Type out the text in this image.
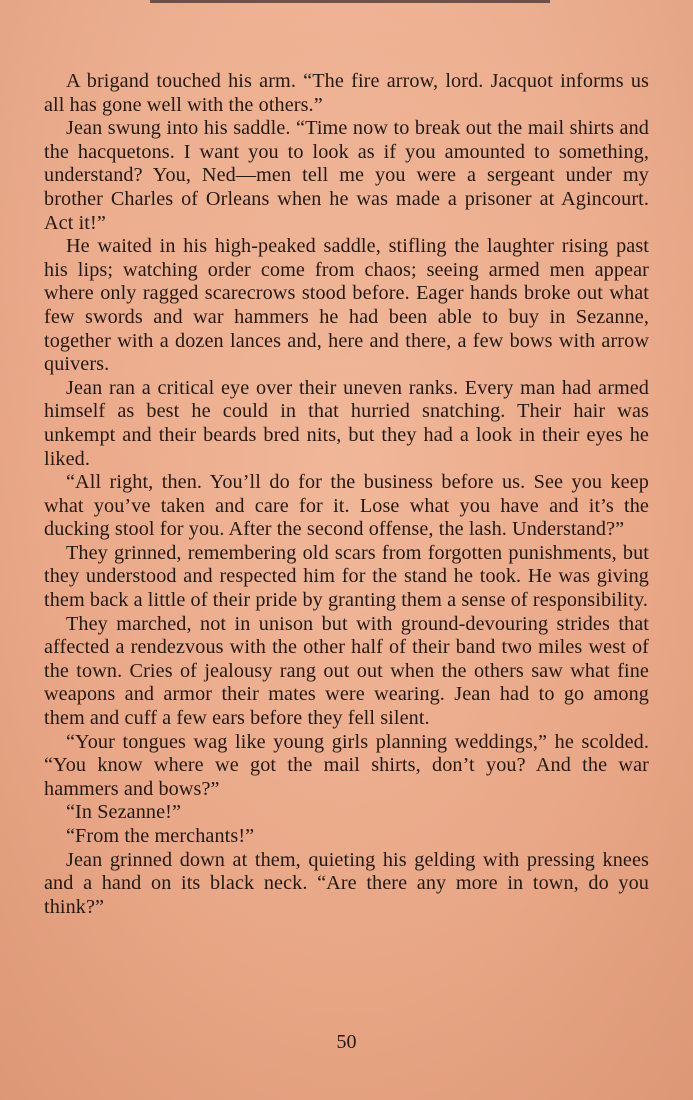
A brigand touched his arm. “The fire arrow, lord. Jacquot informs us all has gone well with the others.”

Jean swung into his saddle. “Time now to break out the mail shirts and the hacquetons. I want you to look as if you amounted to something, understand? You, Ned—men tell me you were a sergeant under my brother Charles of Orleans when he was made a prisoner at Agincourt. Act it!”

He waited in his high-peaked saddle, stifling the laughter rising past his lips; watching order come from chaos; seeing armed men appear where only ragged scarecrows stood before. Eager hands broke out what few swords and war hammers he had been able to buy in Sezanne, together with a dozen lances and, here and there, a few bows with arrow quivers.

Jean ran a critical eye over their uneven ranks. Every man had armed himself as best he could in that hurried snatching. Their hair was unkempt and their beards bred nits, but they had a look in their eyes he liked.

“All right, then. You’ll do for the business before us. See you keep what you’ve taken and care for it. Lose what you have and it’s the ducking stool for you. After the second offense, the lash. Understand?”

They grinned, remembering old scars from forgotten punishments, but they understood and respected him for the stand he took. He was giving them back a little of their pride by granting them a sense of responsibility.

They marched, not in unison but with ground-devouring strides that affected a rendezvous with the other half of their band two miles west of the town. Cries of jealousy rang out out when the others saw what fine weapons and armor their mates were wearing. Jean had to go among them and cuff a few ears before they fell silent.

“Your tongues wag like young girls planning weddings,” he scolded. “You know where we got the mail shirts, don’t you? And the war hammers and bows?”

“In Sezanne!”

“From the merchants!”

Jean grinned down at them, quieting his gelding with pressing knees and a hand on its black neck. “Are there any more in town, do you think?”

50
